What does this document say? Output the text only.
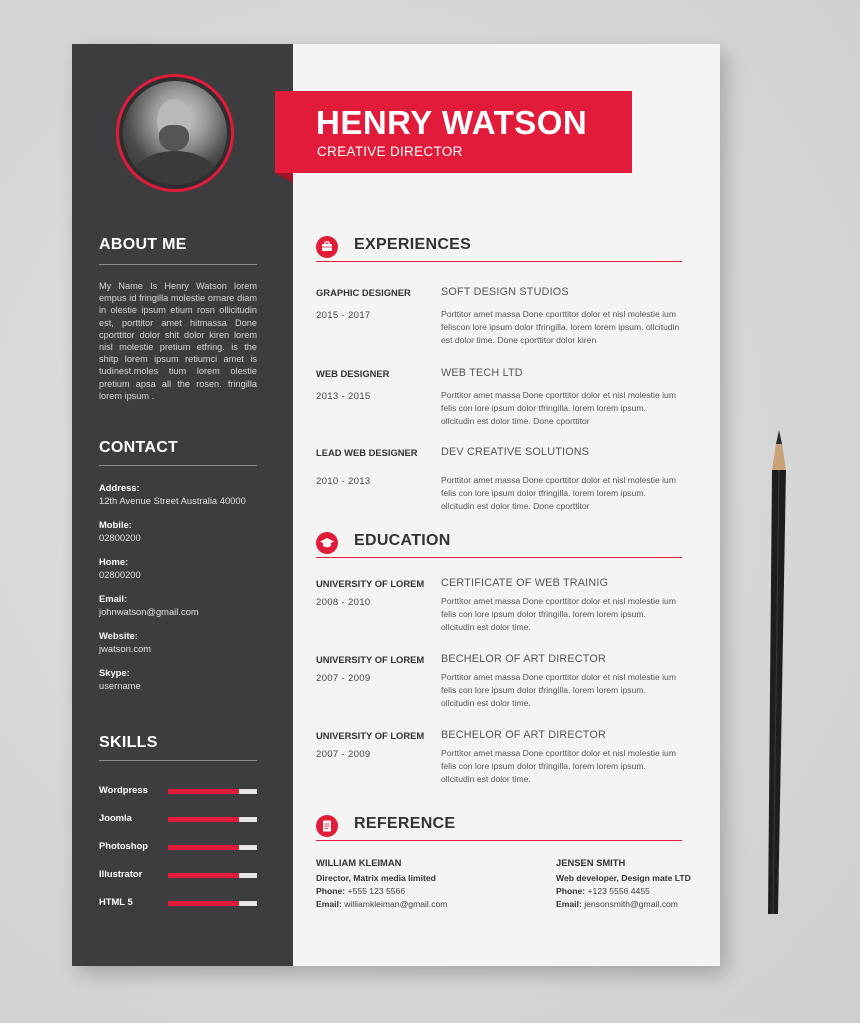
ABOUT ME
My Name Is Henry Watson lorem empus id fringilla molestie ornare diam in olestie ipsum etium rosn ollicitudin est, porttitor amet hitmassa Done cporttitor dolor shit dolor kiren lorem nisl molestie pretium etfring. is the shitp lorem ipsum retiumci amet is tudinest.moles tium lorem olestie pretium apsa all the rosen. fringilla lorem ipsum .
CONTACT
Address:
12th Avenue Street Australia 40000
Mobile:
02800200
Home:
02800200
Email:
johnwatson@gmail.com
Website:
jwatson.com
Skype:
username
SKILLS
Wordpress
Joomla
Photoshop
Illustrator
HTML 5
HENRY WATSON
CREATIVE DIRECTOR
EXPERIENCES
GRAPHIC DESIGNER
2015 - 2017
SOFT DESIGN STUDIOS
Porttitor amet massa Done cporttitor dolor et nisl molestie ium feliscon lore ipsum dolor tfringilla. lorem lorem ipsum. ollcitudin est dolor time. Done cporttitor dolor kiren
WEB DESIGNER
2013 - 2015
WEB TECH LTD
Porttitor amet massa Done cporttitor dolor et nisl molestie ium felis con lore ipsum dolor tfringilla. lorem lorem ipsum. ollcitudin est dolor time. Done cporttitor
LEAD WEB DESIGNER
2010 - 2013
DEV CREATIVE SOLUTIONS
Porttitor amet massa Done cporttitor dolor et nisl molestie ium felis con lore ipsum dolor tfringilla. lorem lorem ipsum. ollcitudin est dolor time. Done cporttitor
EDUCATION
UNIVERSITY OF LOREM
2008 - 2010
CERTIFICATE OF WEB TRAINIG
Porttitor amet massa Done cporttitor dolor et nisl molestie ium felis con lore ipsum dolor tfringilla. lorem lorem ipsum. ollcitudin est dolor time.
UNIVERSITY OF LOREM
2007 - 2009
BECHELOR OF ART DIRECTOR
Porttitor amet massa Done cporttitor dolor et nisl molestie ium felis con lore ipsum dolor tfringilla. lorem lorem ipsum. ollcitudin est dolor time.
UNIVERSITY OF LOREM
2007 - 2009
BECHELOR OF ART DIRECTOR
Porttitor amet massa Done cporttitor dolor et nisl molestie ium felis con lore ipsum dolor tfringilla. lorem lorem ipsum. ollcitudin est dolor time.
REFERENCE
WILLIAM KLEIMAN
Director, Matrix media limited
Phone: +555 123 5566
Email: williamkleiman@gmail.com
JENSEN SMITH
Web developer, Design mate LTD
Phone: +123 5556 4455
Email: jensonsmith@gmail.com
